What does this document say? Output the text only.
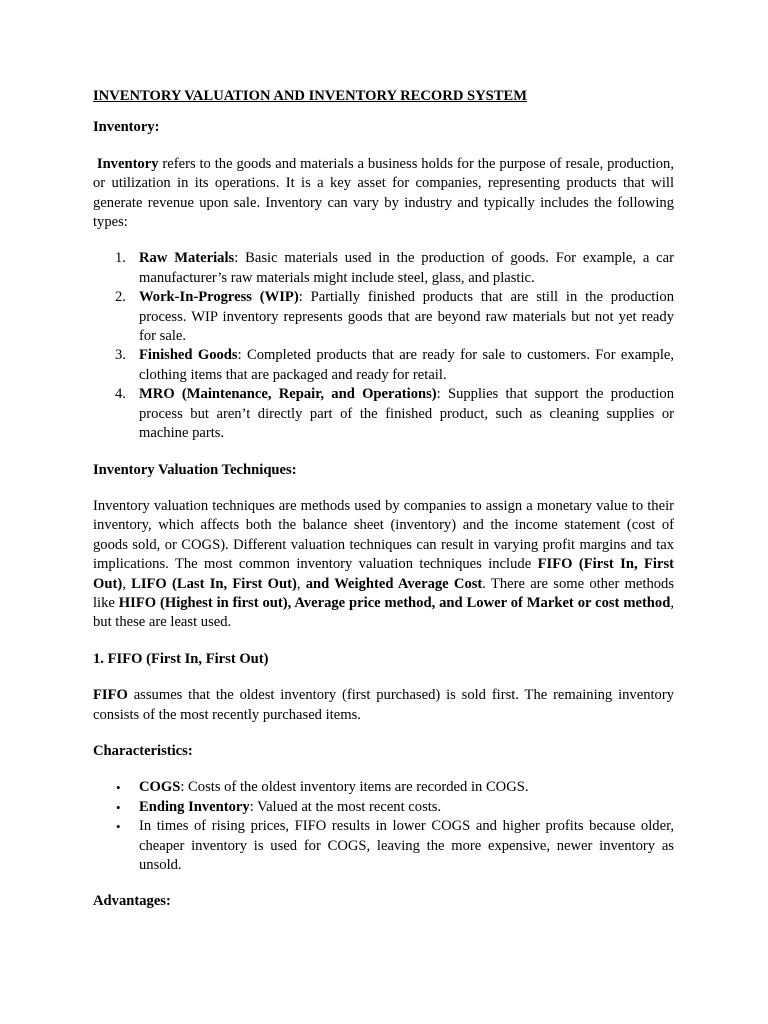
INVENTORY VALUATION AND INVENTORY RECORD SYSTEM

Inventory:

Inventory refers to the goods and materials a business holds for the purpose of resale, production, or utilization in its operations. It is a key asset for companies, representing products that will generate revenue upon sale. Inventory can vary by industry and typically includes the following types:

1. Raw Materials: Basic materials used in the production of goods. For example, a car manufacturer’s raw materials might include steel, glass, and plastic.
2. Work-In-Progress (WIP): Partially finished products that are still in the production process. WIP inventory represents goods that are beyond raw materials but not yet ready for sale.
3. Finished Goods: Completed products that are ready for sale to customers. For example, clothing items that are packaged and ready for retail.
4. MRO (Maintenance, Repair, and Operations): Supplies that support the production process but aren’t directly part of the finished product, such as cleaning supplies or machine parts.

Inventory Valuation Techniques:

Inventory valuation techniques are methods used by companies to assign a monetary value to their inventory, which affects both the balance sheet (inventory) and the income statement (cost of goods sold, or COGS). Different valuation techniques can result in varying profit margins and tax implications. The most common inventory valuation techniques include FIFO (First In, First Out), LIFO (Last In, First Out), and Weighted Average Cost. There are some other methods like HIFO (Highest in first out), Average price method, and Lower of Market or cost method, but these are least used.

1. FIFO (First In, First Out)

FIFO assumes that the oldest inventory (first purchased) is sold first. The remaining inventory consists of the most recently purchased items.

Characteristics:

• COGS: Costs of the oldest inventory items are recorded in COGS.
• Ending Inventory: Valued at the most recent costs.
• In times of rising prices, FIFO results in lower COGS and higher profits because older, cheaper inventory is used for COGS, leaving the more expensive, newer inventory as unsold.

Advantages:
